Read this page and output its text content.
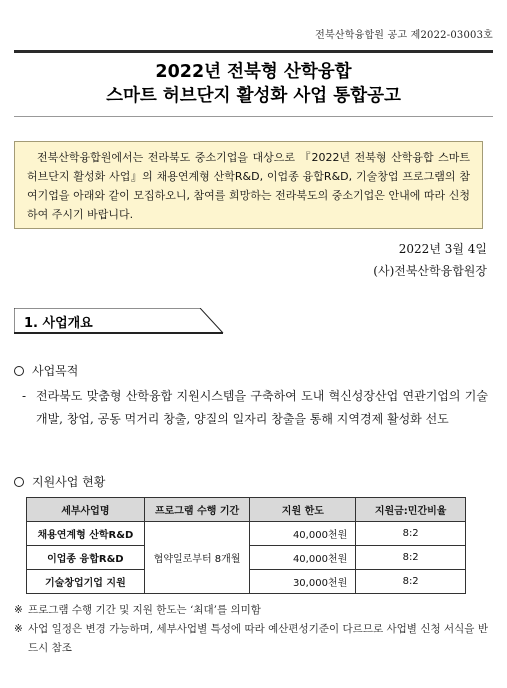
전북산학융합원 공고 제2022-03003호
2022년 전북형 산학융합
스마트 허브단지 활성화 사업 통합공고

전북산학융합원에서는 전라북도 중소기업을 대상으로 『2022년 전북형 산학융합 스마트 허브단지 활성화 사업』의 채용연계형 산학R&D, 이업종 융합R&D, 기술창업 프로그램의 참여기업을 아래와 같이 모집하오니, 참여를 희망하는 전라북도의 중소기업은 안내에 따라 신청하여 주시기 바랍니다.

2022년 3월 4일
(사)전북산학융합원장
1. 사업개요
사업목적
- 전라북도 맞춤형 산학융합 지원시스템을 구축하여 도내 혁신성장산업 연관기업의 기술개발, 창업, 공동 먹거리 창출, 양질의 일자리 창출을 통해 지역경제 활성화 선도
지원사업 현황
세부사업명	프로그램 수행 기간	지원 한도	지원금:민간비율
채용연계형 산학R&D	협약일로부터 8개월	40,000천원	8:2
이업종 융합R&D		40,000천원	8:2
기술창업기업 지원		30,000천원	8:2
※ 프로그램 수행 기간 및 지원 한도는 ‘최대’를 의미함
※ 사업 일정은 변경 가능하며, 세부사업별 특성에 따라 예산편성기준이 다르므로 사업별 신청 서식을 반드시 참조
